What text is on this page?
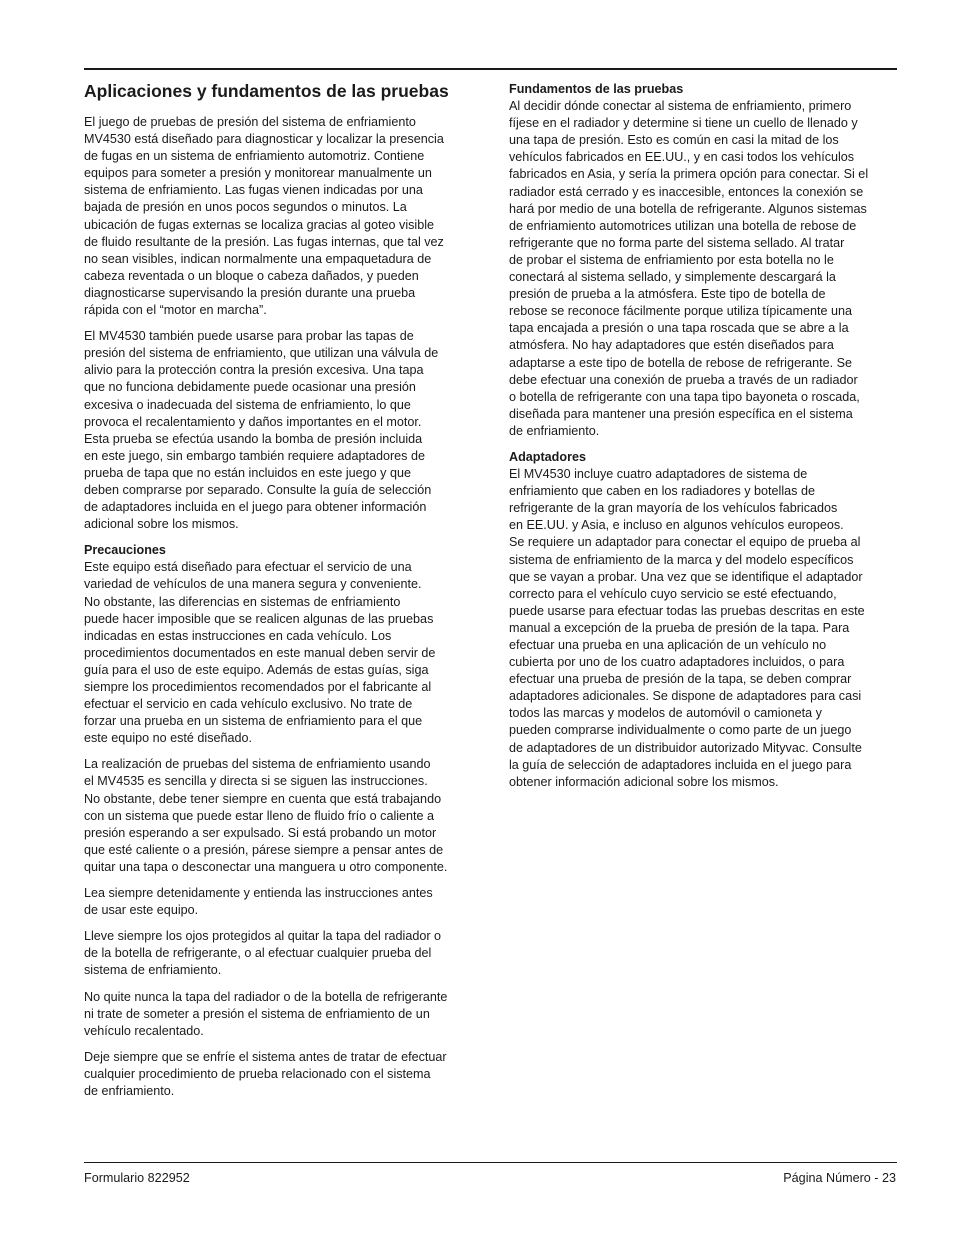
Aplicaciones y fundamentos de las pruebas

El juego de pruebas de presión del sistema de enfriamiento
MV4530 está diseñado para diagnosticar y localizar la presencia
de fugas en un sistema de enfriamiento automotriz. Contiene
equipos para someter a presión y monitorear manualmente un
sistema de enfriamiento. Las fugas vienen indicadas por una
bajada de presión en unos pocos segundos o minutos. La
ubicación de fugas externas se localiza gracias al goteo visible
de fluido resultante de la presión. Las fugas internas, que tal vez
no sean visibles, indican normalmente una empaquetadura de
cabeza reventada o un bloque o cabeza dañados, y pueden
diagnosticarse supervisando la presión durante una prueba
rápida con el “motor en marcha”.

El MV4530 también puede usarse para probar las tapas de
presión del sistema de enfriamiento, que utilizan una válvula de
alivio para la protección contra la presión excesiva. Una tapa
que no funciona debidamente puede ocasionar una presión
excesiva o inadecuada del sistema de enfriamiento, lo que
provoca el recalentamiento y daños importantes en el motor.
Esta prueba se efectúa usando la bomba de presión incluida
en este juego, sin embargo también requiere adaptadores de
prueba de tapa que no están incluidos en este juego y que
deben comprarse por separado. Consulte la guía de selección
de adaptadores incluida en el juego para obtener información
adicional sobre los mismos.

Precauciones

Este equipo está diseñado para efectuar el servicio de una
variedad de vehículos de una manera segura y conveniente.
No obstante, las diferencias en sistemas de enfriamiento
puede hacer imposible que se realicen algunas de las pruebas
indicadas en estas instrucciones en cada vehículo. Los
procedimientos documentados en este manual deben servir de
guía para el uso de este equipo. Además de estas guías, siga
siempre los procedimientos recomendados por el fabricante al
efectuar el servicio en cada vehículo exclusivo. No trate de
forzar una prueba en un sistema de enfriamiento para el que
este equipo no esté diseñado.

La realización de pruebas del sistema de enfriamiento usando
el MV4535 es sencilla y directa si se siguen las instrucciones.
No obstante, debe tener siempre en cuenta que está trabajando
con un sistema que puede estar lleno de fluido frío o caliente a
presión esperando a ser expulsado. Si está probando un motor
que esté caliente o a presión, párese siempre a pensar antes de
quitar una tapa o desconectar una manguera u otro componente.

Lea siempre detenidamente y entienda las instrucciones antes
de usar este equipo.

Lleve siempre los ojos protegidos al quitar la tapa del radiador o
de la botella de refrigerante, o al efectuar cualquier prueba del
sistema de enfriamiento.

No quite nunca la tapa del radiador o de la botella de refrigerante
ni trate de someter a presión el sistema de enfriamiento de un
vehículo recalentado.

Deje siempre que se enfríe el sistema antes de tratar de efectuar
cualquier procedimiento de prueba relacionado con el sistema
de enfriamiento.

Fundamentos de las pruebas

Al decidir dónde conectar al sistema de enfriamiento, primero
fíjese en el radiador y determine si tiene un cuello de llenado y
una tapa de presión. Esto es común en casi la mitad de los
vehículos fabricados en EE.UU., y en casi todos los vehículos
fabricados en Asia, y sería la primera opción para conectar. Si el
radiador está cerrado y es inaccesible, entonces la conexión se
hará por medio de una botella de refrigerante. Algunos sistemas
de enfriamiento automotrices utilizan una botella de rebose de
refrigerante que no forma parte del sistema sellado. Al tratar
de probar el sistema de enfriamiento por esta botella no le
conectará al sistema sellado, y simplemente descargará la
presión de prueba a la atmósfera. Este tipo de botella de
rebose se reconoce fácilmente porque utiliza típicamente una
tapa encajada a presión o una tapa roscada que se abre a la
atmósfera. No hay adaptadores que estén diseñados para
adaptarse a este tipo de botella de rebose de refrigerante. Se
debe efectuar una conexión de prueba a través de un radiador
o botella de refrigerante con una tapa tipo bayoneta o roscada,
diseñada para mantener una presión específica en el sistema
de enfriamiento.

Adaptadores

El MV4530 incluye cuatro adaptadores de sistema de
enfriamiento que caben en los radiadores y botellas de
refrigerante de la gran mayoría de los vehículos fabricados
en EE.UU. y Asia, e incluso en algunos vehículos europeos.
Se requiere un adaptador para conectar el equipo de prueba al
sistema de enfriamiento de la marca y del modelo específicos
que se vayan a probar. Una vez que se identifique el adaptador
correcto para el vehículo cuyo servicio se esté efectuando,
puede usarse para efectuar todas las pruebas descritas en este
manual a excepción de la prueba de presión de la tapa. Para
efectuar una prueba en una aplicación de un vehículo no
cubierta por uno de los cuatro adaptadores incluidos, o para
efectuar una prueba de presión de la tapa, se deben comprar
adaptadores adicionales. Se dispone de adaptadores para casi
todos las marcas y modelos de automóvil o camioneta y
pueden comprarse individualmente o como parte de un juego
de adaptadores de un distribuidor autorizado Mityvac. Consulte
la guía de selección de adaptadores incluida en el juego para
obtener información adicional sobre los mismos.

Formulario 822952	Página Número - 23
